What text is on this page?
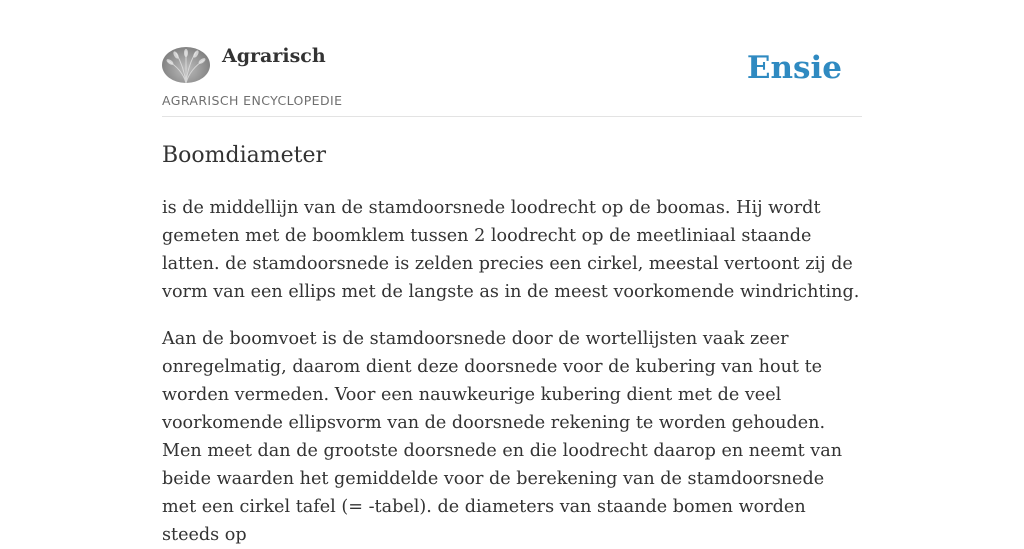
Agrarisch

AGRARISCH ENCYCLOPEDIE

Ensie
Boomdiameter

is de middellijn van de stamdoorsnede loodrecht op de boomas. Hij wordt gemeten met de boomklem tussen 2 loodrecht op de meetliniaal staande latten. de stamdoorsnede is zelden precies een cirkel, meestal vertoont zij de vorm van een ellips met de langste as in de meest voorkomende windrichting.

Aan de boomvoet is de stamdoorsnede door de wortellijsten vaak zeer onregelmatig, daarom dient deze doorsnede voor de kubering van hout te worden vermeden. Voor een nauwkeurige kubering dient met de veel voorkomende ellipsvorm van de doorsnede rekening te worden gehouden. Men meet dan de grootste doorsnede en die loodrecht daarop en neemt van beide waarden het gemiddelde voor de berekening van de stamdoorsnede met een cirkel tafel (= -tabel). de diameters van staande bomen worden steeds op
